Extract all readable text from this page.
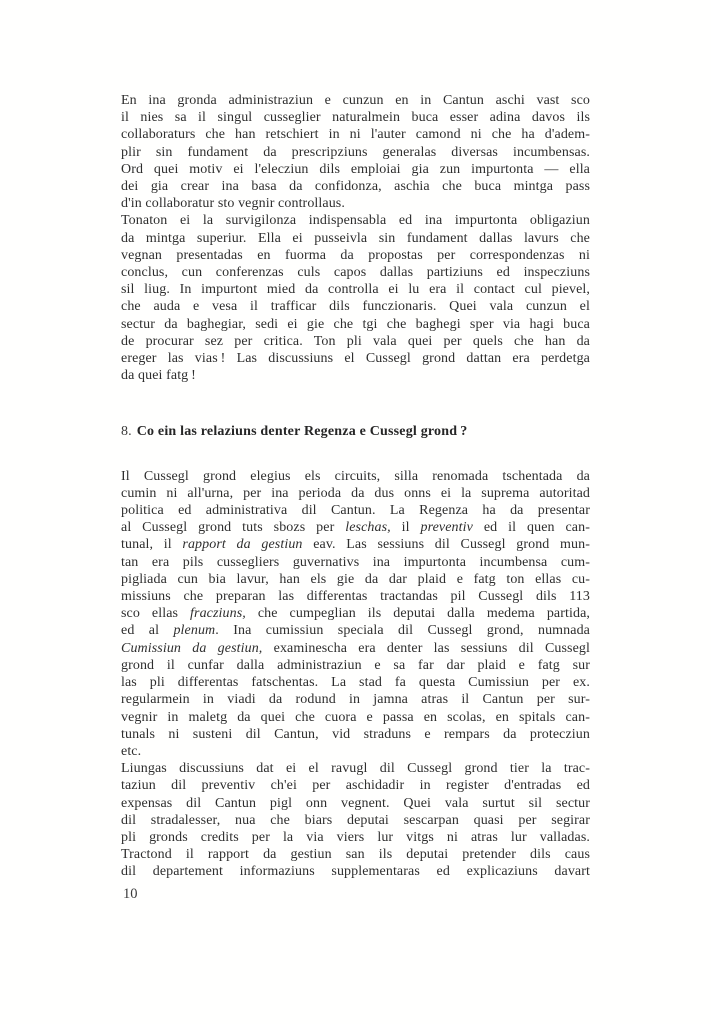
En ina gronda administraziun e cunzun en in Cantun aschi vast sco
il nies sa il singul cusseglier naturalmein buca esser adina davos ils
collaboraturs che han retschiert in ni l'auter camond ni che ha d'adem-
plir sin fundament da prescripziuns generalas diversas incumbensas.
Ord quei motiv ei l'elecziun dils emploiai gia zun impurtonta — ella
dei gia crear ina basa da confidonza, aschia che buca mintga pass
d'in collaboratur sto vegnir controllaus.
Tonaton ei la survigilonza indispensabla ed ina impurtonta obligaziun
da mintga superiur. Ella ei pusseivla sin fundament dallas lavurs che
vegnan presentadas en fuorma da propostas per correspondenzas ni
conclus, cun conferenzas culs capos dallas partiziuns ed inspecziuns
sil liug. In impurtont mied da controlla ei lu era il contact cul pievel,
che auda e vesa il trafficar dils funczionaris. Quei vala cunzun el
sectur da baghegiar, sedi ei gie che tgi che baghegi sper via hagi buca
de procurar sez per critica. Ton pli vala quei per quels che han da
ereger las vias ! Las discussiuns el Cussegl grond dattan era perdetga
da quei fatg !
8. Co ein las relaziuns denter Regenza e Cussegl grond ?
Il Cussegl grond elegius els circuits, silla renomada tschentada da
cumin ni all'urna, per ina perioda da dus onns ei la suprema autoritad
politica ed administrativa dil Cantun. La Regenza ha da presentar
al Cussegl grond tuts sbozs per leschas, il preventiv ed il quen can-
tunal, il rapport da gestiun eav. Las sessiuns dil Cussegl grond mun-
tan era pils cussegliers guvernativs ina impurtonta incumbensa cum-
pigliada cun bia lavur, han els gie da dar plaid e fatg ton ellas cu-
missiuns che preparan las differentas tractandas pil Cussegl dils 113
sco ellas fracziuns, che cumpeglian ils deputai dalla medema partida,
ed al plenum. Ina cumissiun speciala dil Cussegl grond, numnada
Cumissiun da gestiun, examinescha era denter las sessiuns dil Cussegl
grond il cunfar dalla administraziun e sa far dar plaid e fatg sur
las pli differentas fatschentas. La stad fa questa Cumissiun per ex.
regularmein in viadi da rodund in jamna atras il Cantun per sur-
vegnir in maletg da quei che cuora e passa en scolas, en spitals can-
tunals ni susteni dil Cantun, vid straduns e rempars da protecziun
etc.
Liungas discussiuns dat ei el ravugl dil Cussegl grond tier la trac-
taziun dil preventiv ch'ei per aschidadir in register d'entradas ed
expensas dil Cantun pigl onn vegnent. Quei vala surtut sil sectur
dil stradalesser, nua che biars deputai sescarpan quasi per segirar
pli gronds credits per la via viers lur vitgs ni atras lur valladas.
Tractond il rapport da gestiun san ils deputai pretender dils caus
dil departement informaziuns supplementaras ed explicaziuns davart
10
